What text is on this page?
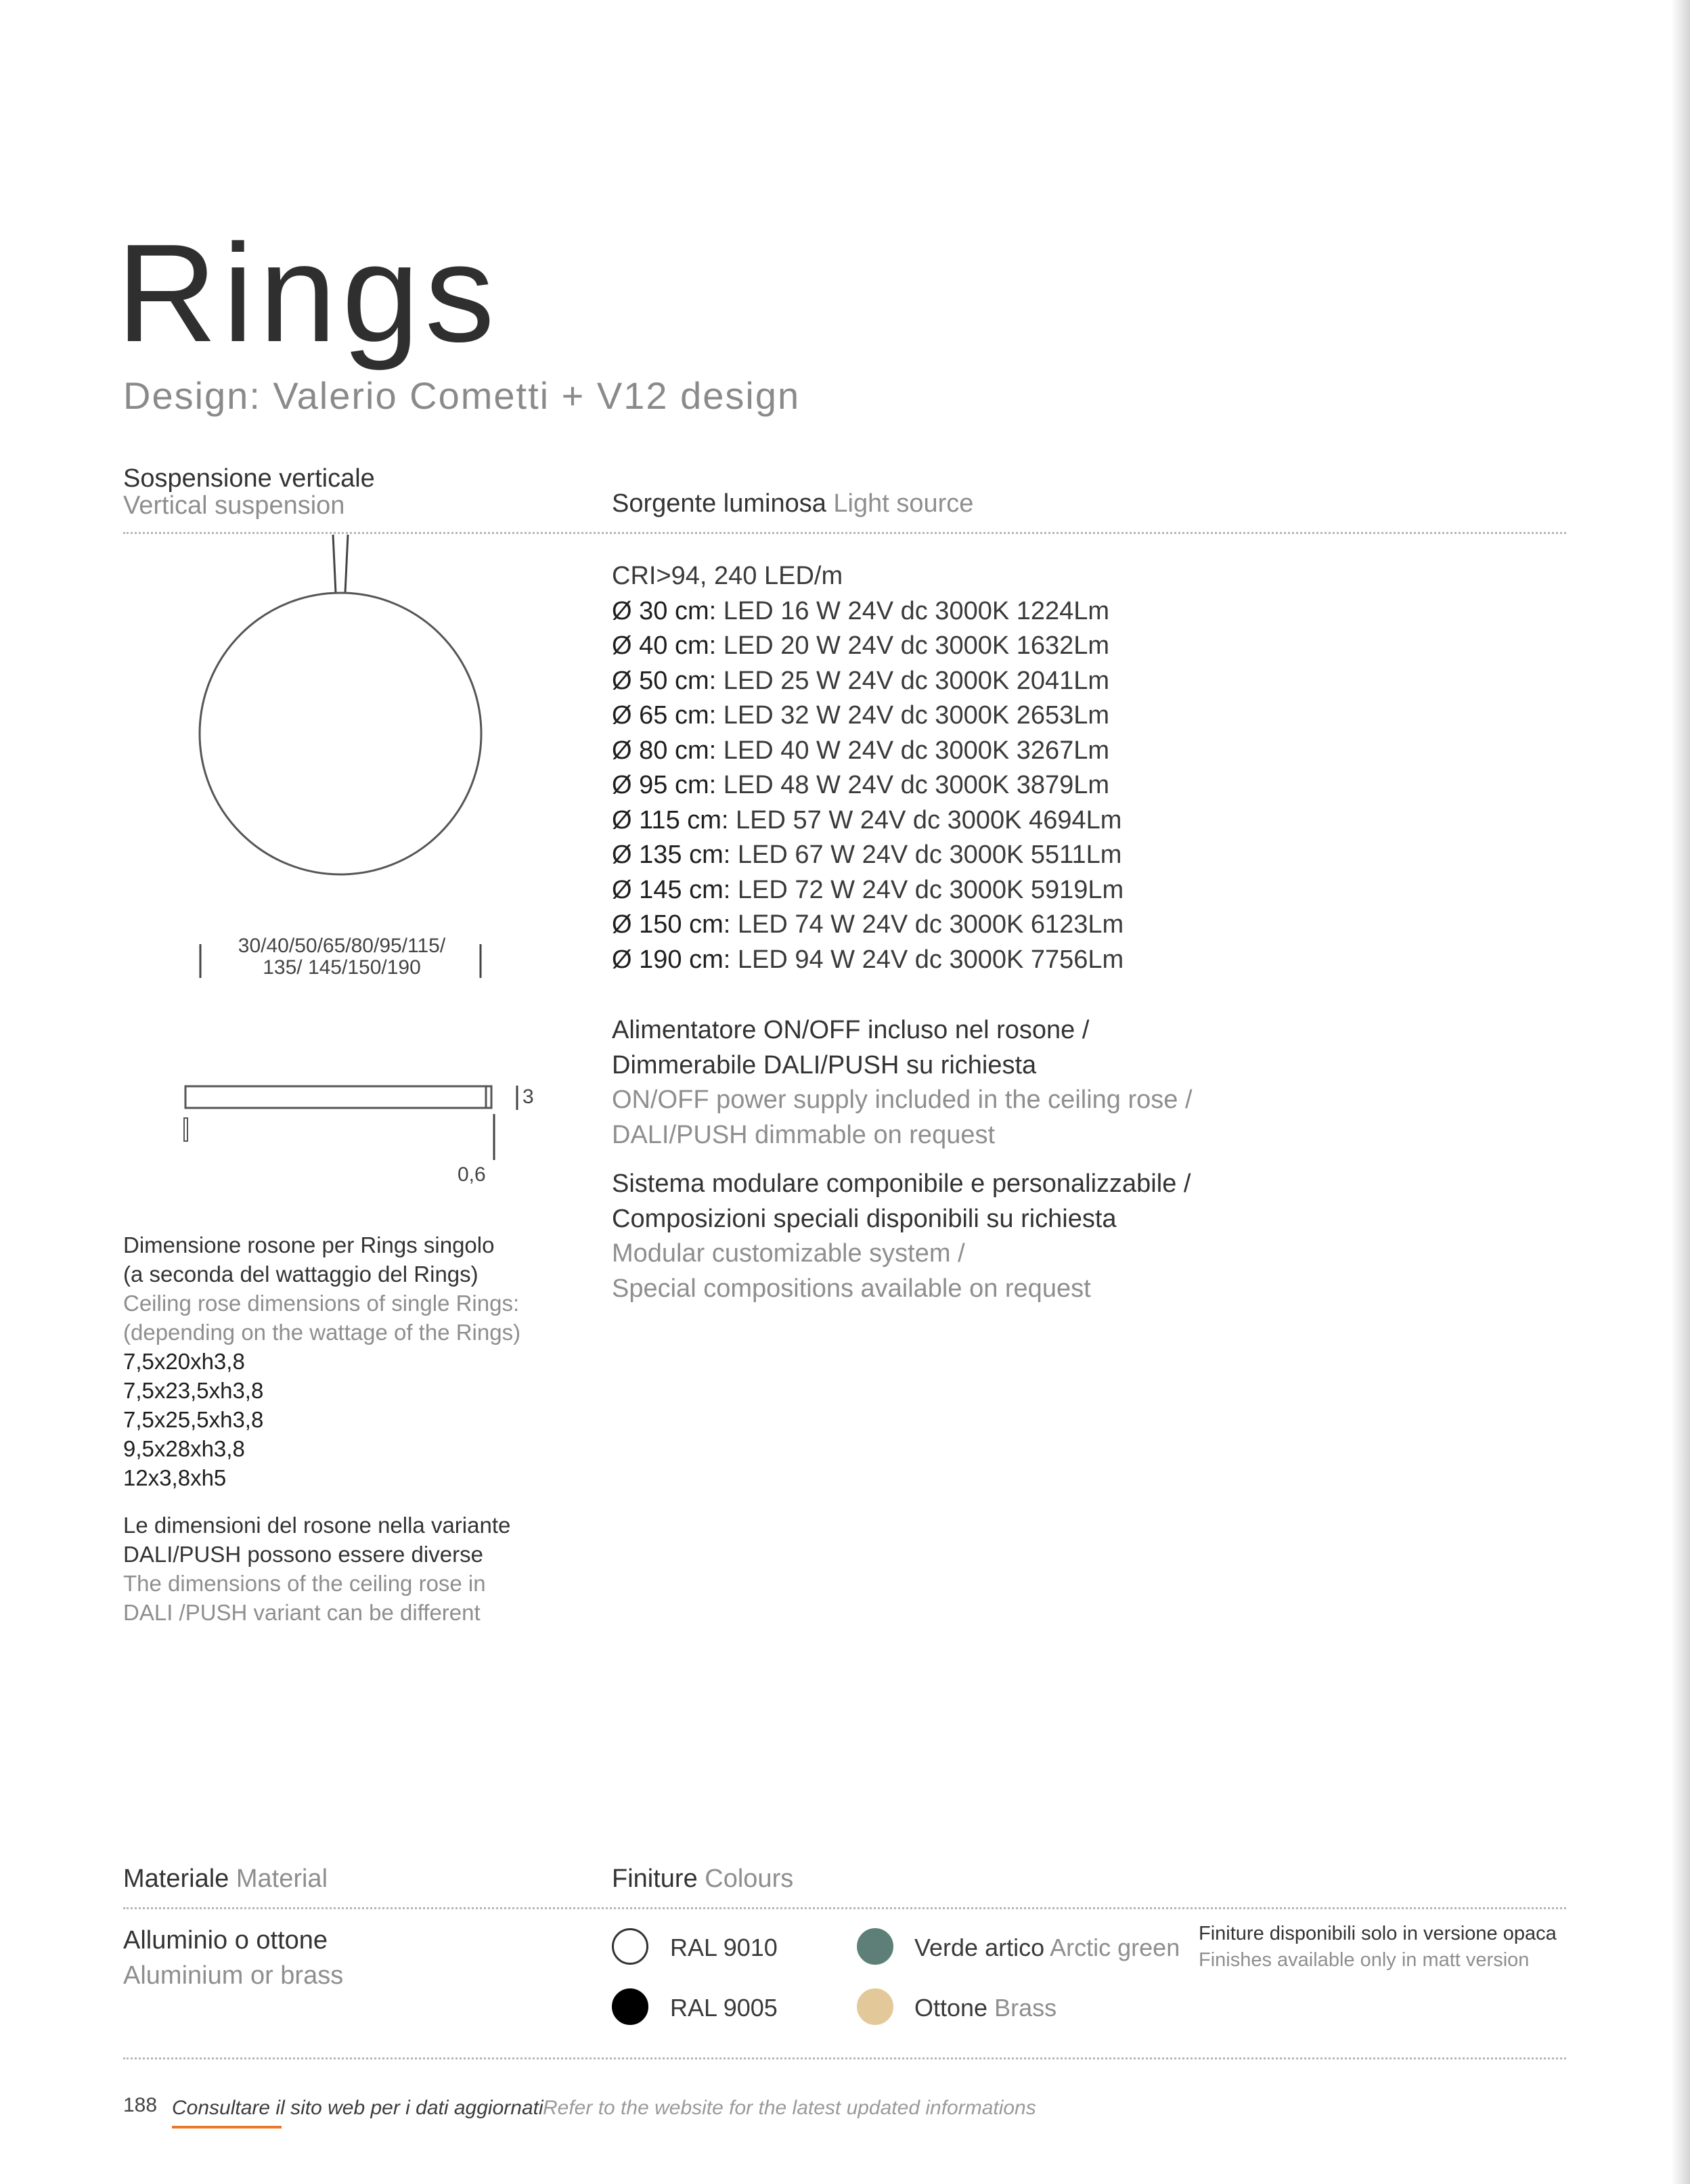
Rings
Design: Valerio Cometti + V12 design
Sospensione verticale
Vertical suspension	Sorgente luminosa Light source
30/40/50/65/80/95/115/
135/ 145/150/190
3
0,6
CRI>94, 240 LED/m
Ø 30 cm: LED 16 W 24V dc 3000K 1224Lm
Ø 40 cm: LED 20 W 24V dc 3000K 1632Lm
Ø 50 cm: LED 25 W 24V dc 3000K 2041Lm
Ø 65 cm: LED 32 W 24V dc 3000K 2653Lm
Ø 80 cm: LED 40 W 24V dc 3000K 3267Lm
Ø 95 cm: LED 48 W 24V dc 3000K 3879Lm
Ø 115 cm: LED 57 W 24V dc 3000K 4694Lm
Ø 135 cm: LED 67 W 24V dc 3000K 5511Lm
Ø 145 cm: LED 72 W 24V dc 3000K 5919Lm
Ø 150 cm: LED 74 W 24V dc 3000K 6123Lm
Ø 190 cm: LED 94 W 24V dc 3000K 7756Lm
Alimentatore ON/OFF incluso nel rosone /
Dimmerabile DALI/PUSH su richiesta
ON/OFF power supply included in the ceiling rose /
DALI/PUSH dimmable on request
Sistema modulare componibile e personalizzabile /
Composizioni speciali disponibili su richiesta
Modular customizable system /
Special compositions available on request
Dimensione rosone per Rings singolo
(a seconda del wattaggio del Rings)
Ceiling rose dimensions of single Rings:
(depending on the wattage of the Rings)
7,5x20xh3,8
7,5x23,5xh3,8
7,5x25,5xh3,8
9,5x28xh3,8
12x3,8xh5
Le dimensioni del rosone nella variante
DALI/PUSH possono essere diverse
The dimensions of the ceiling rose in
DALI /PUSH variant can be different
Materiale Material	Finiture Colours
Alluminio o ottone
Aluminium or brass
RAL 9010	Verde artico Arctic green
RAL 9005	Ottone Brass
Finiture disponibili solo in versione opaca
Finishes available only in matt version
188 Consultare il sito web per i dati aggiornati Refer to the website for the latest updated informations
